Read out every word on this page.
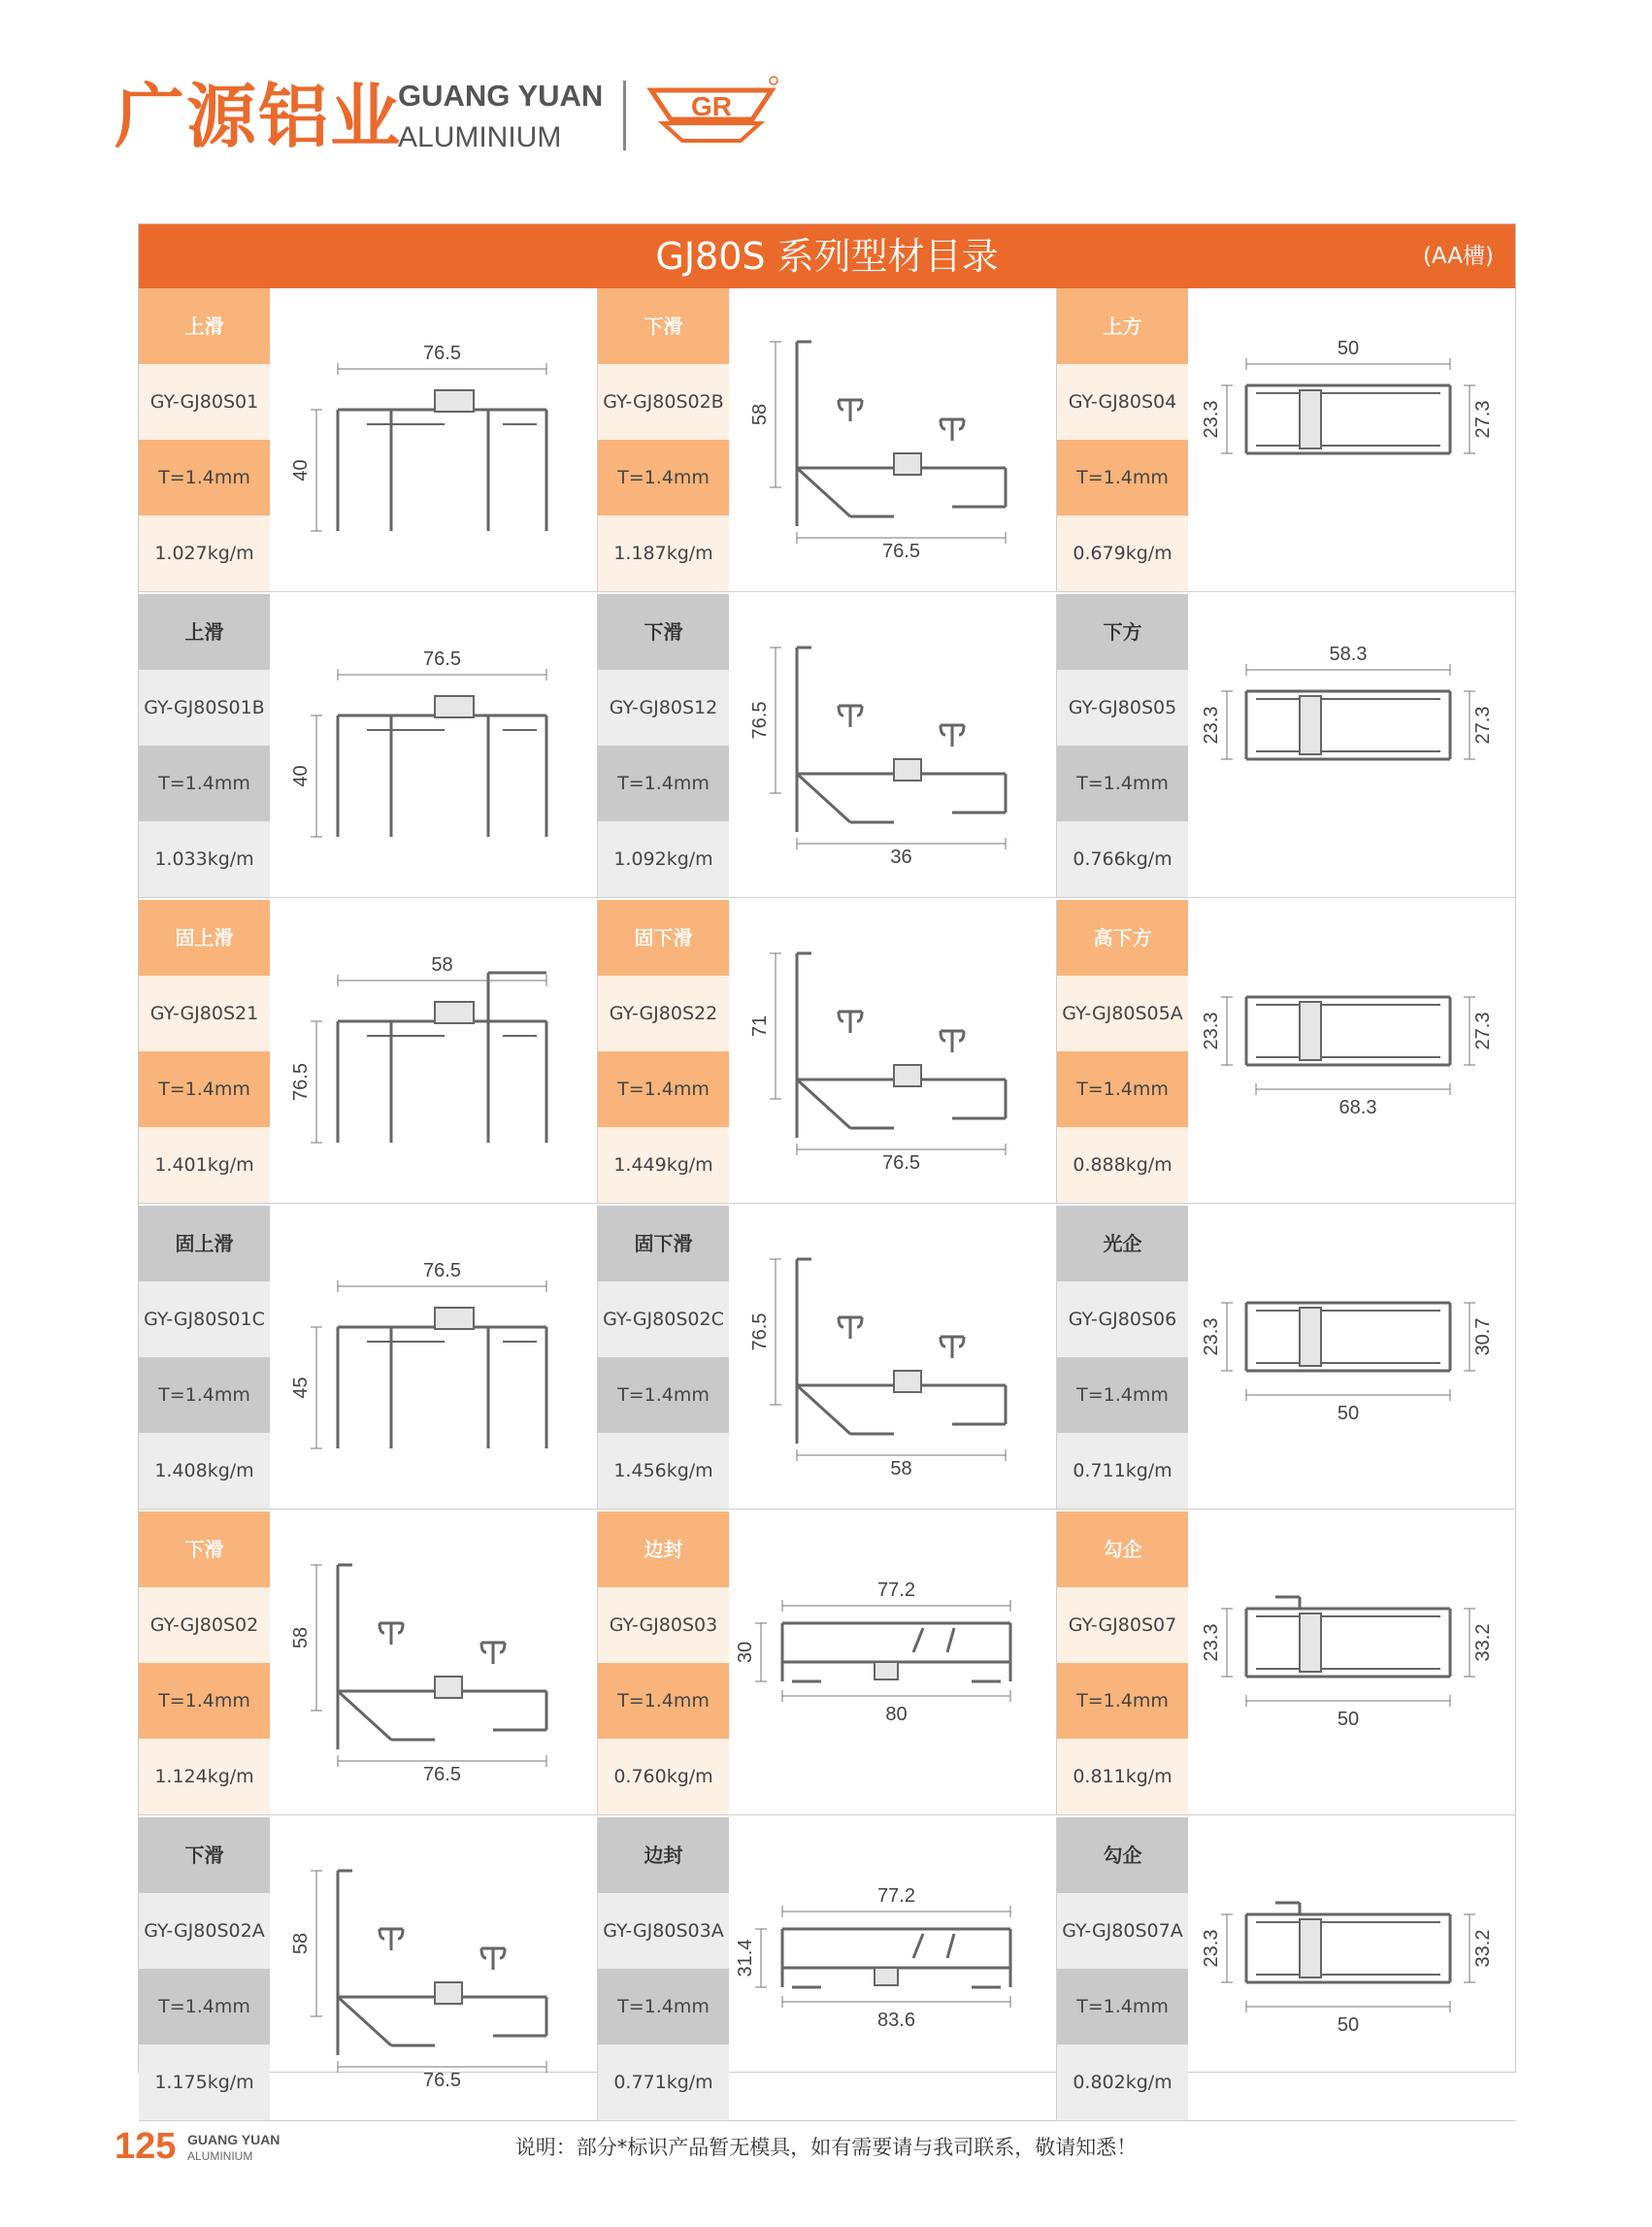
广源铝业
GUANG YUAN
ALUMINIUM
GR
GJ80S 系列型材目录	(AA槽)
上滑
GY-GJ80S01
T=1.4mm
1.027kg/m
76.5
40
下滑
GY-GJ80S02B
T=1.4mm
1.187kg/m
58
76.5
上方
GY-GJ80S04
T=1.4mm
0.679kg/m
50
23.3	27.3
上滑
GY-GJ80S01B
T=1.4mm
1.033kg/m
76.5
40
下滑
GY-GJ80S12
T=1.4mm
1.092kg/m
76.5
36
下方
GY-GJ80S05
T=1.4mm
0.766kg/m
58.3
23.3	27.3
固上滑
GY-GJ80S21
T=1.4mm
1.401kg/m
58
76.5
固下滑
GY-GJ80S22
T=1.4mm
1.449kg/m
71
76.5
高下方
GY-GJ80S05A
T=1.4mm
0.888kg/m
68.3
23.3	27.3
固上滑
GY-GJ80S01C
T=1.4mm
1.408kg/m
76.5
45
固下滑
GY-GJ80S02C
T=1.4mm
1.456kg/m
76.5
58
光企
GY-GJ80S06
T=1.4mm
0.711kg/m
50
23.3	30.7
下滑
GY-GJ80S02
T=1.4mm
1.124kg/m
58
76.5
边封
GY-GJ80S03
T=1.4mm
0.760kg/m
77.2
30
80
勾企
GY-GJ80S07
T=1.4mm
0.811kg/m
50
23.3	33.2
下滑
GY-GJ80S02A
T=1.4mm
1.175kg/m
58
76.5
边封
GY-GJ80S03A
T=1.4mm
0.771kg/m
77.2
31.4
83.6
勾企
GY-GJ80S07A
T=1.4mm
0.802kg/m
50
23.3	33.2
125 GUANG YUAN
ALUMINIUM	说明：部分*标识产品暂无模具，如有需要请与我司联系，敬请知悉！
